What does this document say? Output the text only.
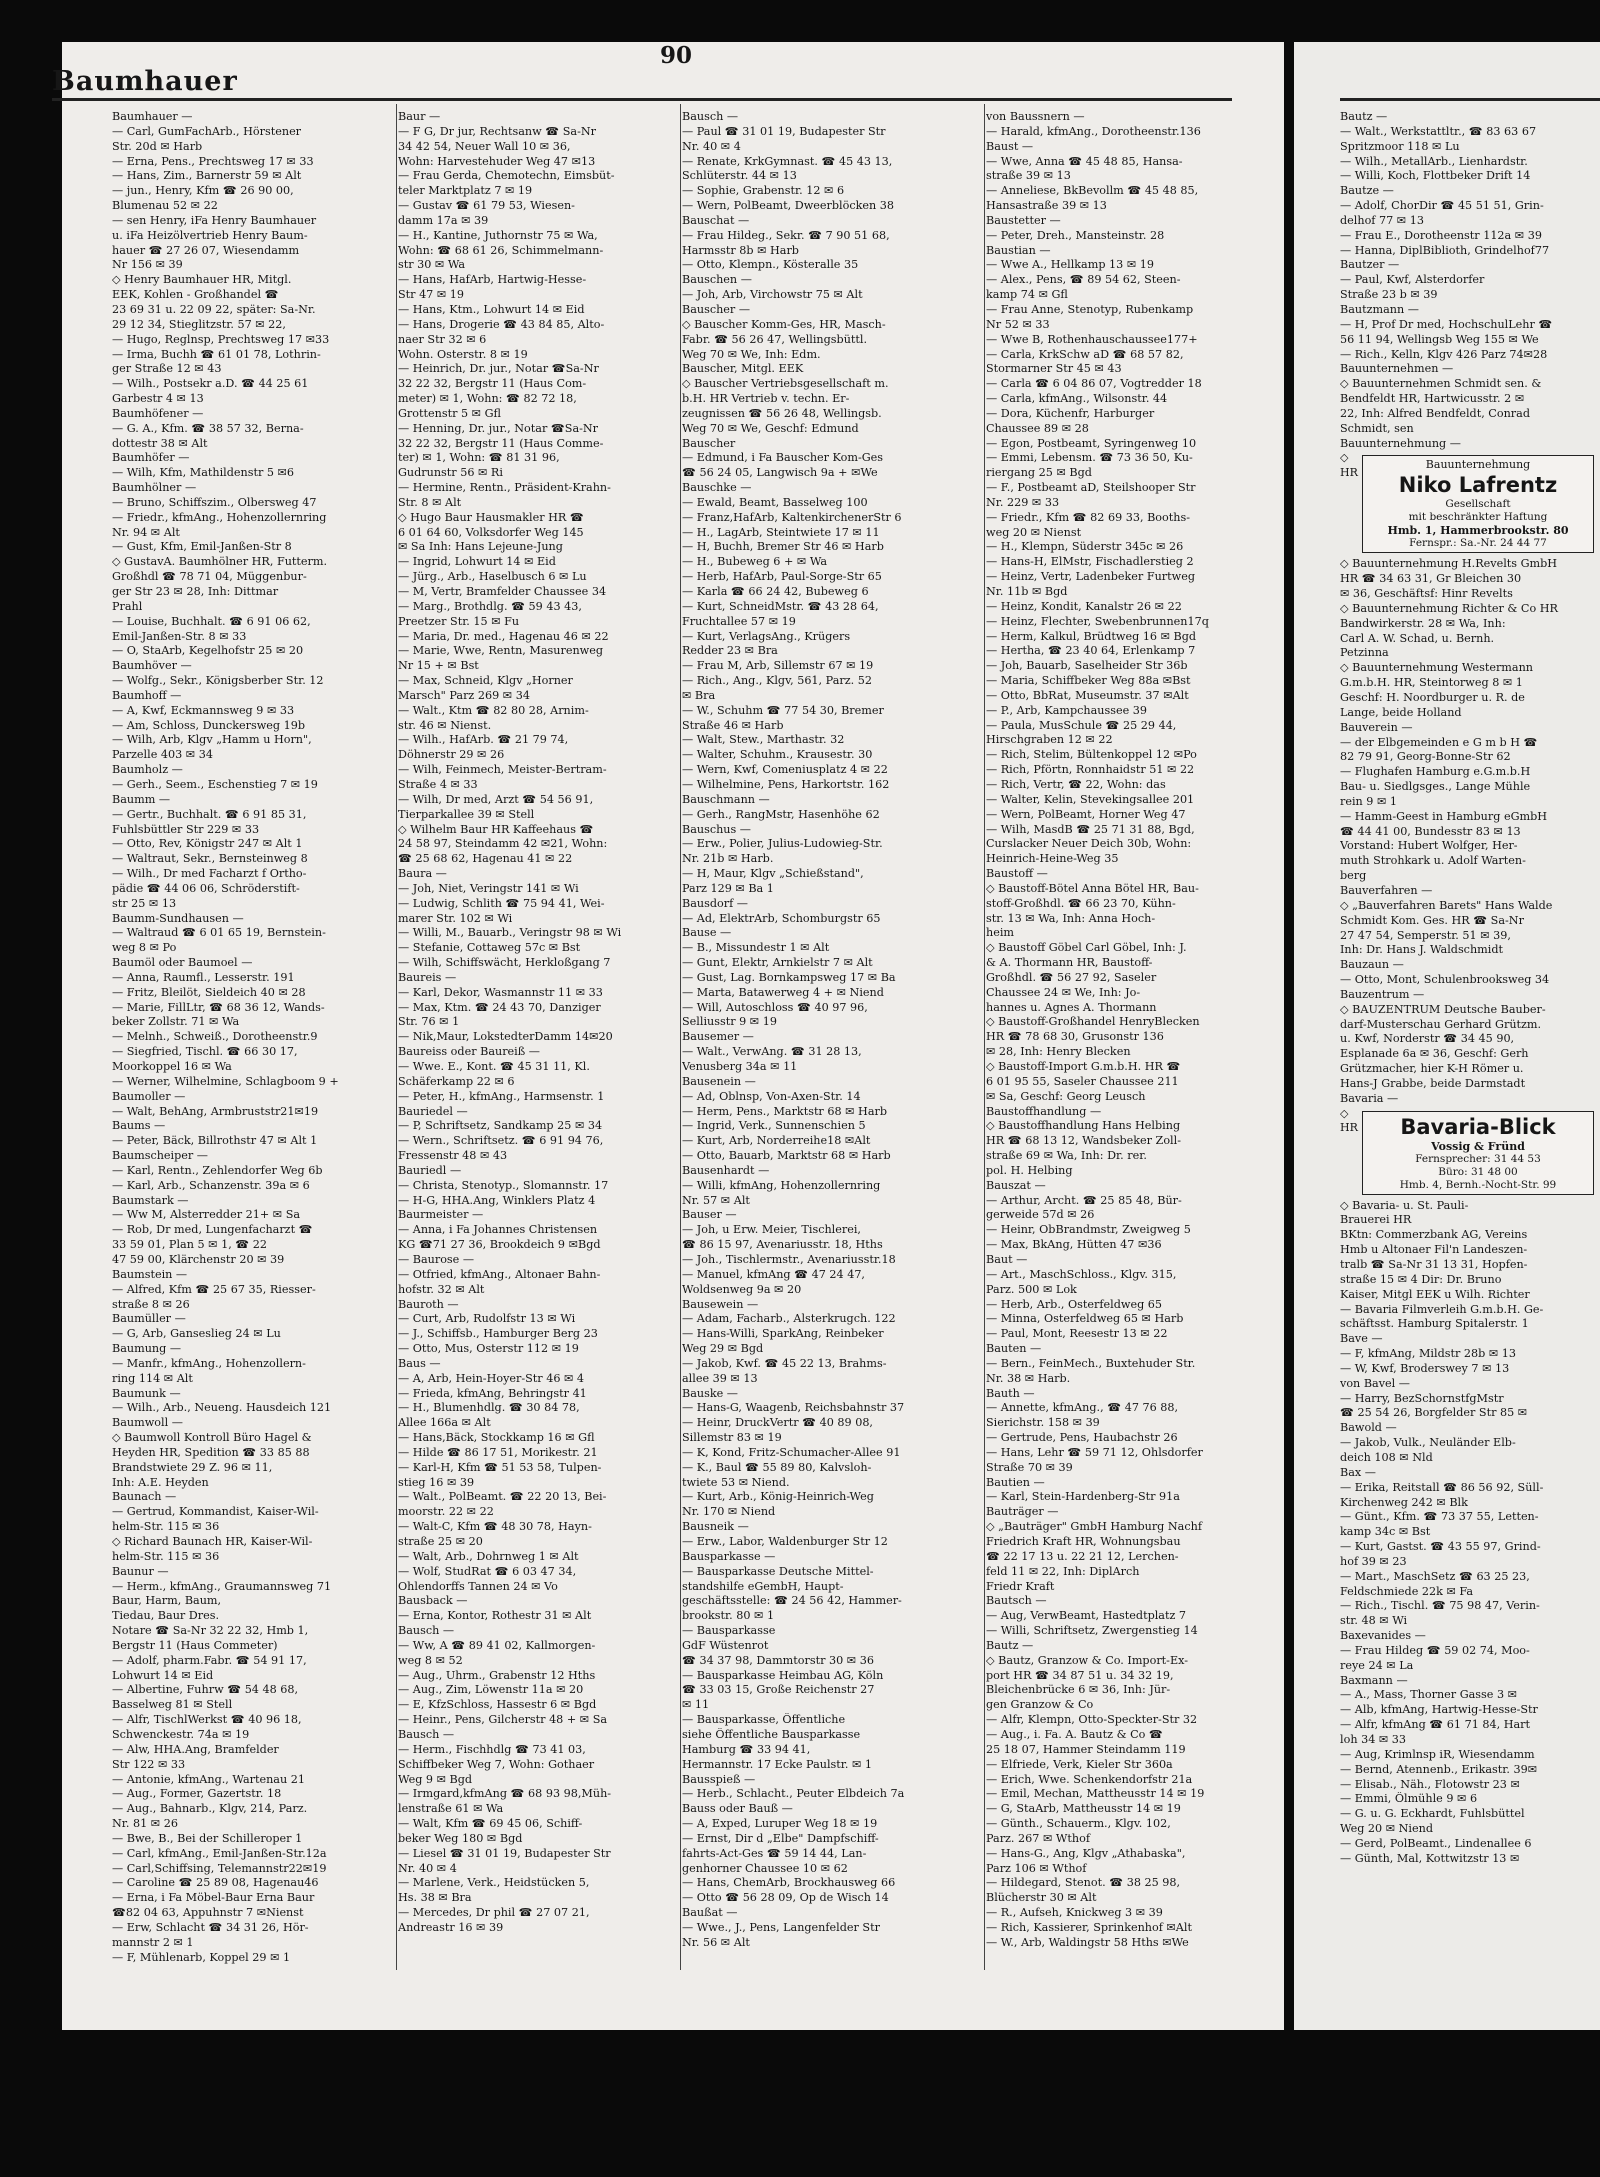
Baumhauer
90
Baumhauer —
— Carl, GumFachArb., Hörstener
Str. 20d ✉ Harb
— Erna, Pens., Prechtsweg 17 ✉ 33
— Hans, Zim., Barnerstr 59 ✉ Alt
— jun., Henry, Kfm ☎ 26 90 00,
Blumenau 52 ✉ 22
— sen Henry, iFa Henry Baumhauer
u. iFa Heizölvertrieb Henry Baum-
hauer ☎ 27 26 07, Wiesendamm
Nr 156 ✉ 39
◇ Henry Baumhauer HR, Mitgl.
EEK, Kohlen - Großhandel ☎
23 69 31 u. 22 09 22, später: Sa-Nr.
29 12 34, Stieglitzstr. 57 ✉ 22,
— Hugo, Reglnsp, Prechtsweg 17 ✉33
— Irma, Buchh ☎ 61 01 78, Lothrin-
ger Straße 12 ✉ 43
— Wilh., Postsekr a.D. ☎ 44 25 61
Garbestr 4 ✉ 13
Baumhöfener —
— G. A., Kfm. ☎ 38 57 32, Berna-
dottestr 38 ✉ Alt
Baumhöfer —
— Wilh, Kfm, Mathildenstr 5 ✉6
Baumhölner —
— Bruno, Schiffszim., Olbersweg 47
— Friedr., kfmAng., Hohenzollernring
Nr. 94 ✉ Alt
— Gust, Kfm, Emil-Janßen-Str 8
◇ GustavA. Baumhölner HR, Futterm.
Großhdl ☎ 78 71 04, Müggenbur-
ger Str 23 ✉ 28, Inh: Dittmar
Prahl
— Louise, Buchhalt. ☎ 6 91 06 62,
Emil-Janßen-Str. 8 ✉ 33
— O, StaArb, Kegelhofstr 25 ✉ 20
Baumhöver —
— Wolfg., Sekr., Königsberber Str. 12
Baumhoff —
— A, Kwf, Eckmannsweg 9 ✉ 33
— Am, Schloss, Dunckersweg 19b
— Wilh, Arb, Klgv „Hamm u Horn",
Parzelle 403 ✉ 34
Baumholz —
— Gerh., Seem., Eschenstieg 7 ✉ 19
Baumm —
— Gertr., Buchhalt. ☎ 6 91 85 31,
Fuhlsbüttler Str 229 ✉ 33
— Otto, Rev, Königstr 247 ✉ Alt 1
— Waltraut, Sekr., Bernsteinweg 8
— Wilh., Dr med Facharzt f Ortho-
pädie ☎ 44 06 06, Schröderstift-
str 25 ✉ 13
Baumm-Sundhausen —
— Waltraud ☎ 6 01 65 19, Bernstein-
weg 8 ✉ Po
Baumöl oder Baumoel —
— Anna, Raumfl., Lesserstr. 191
— Fritz, Bleilöt, Sieldeich 40 ✉ 28
— Marie, FillLtr, ☎ 68 36 12, Wands-
beker Zollstr. 71 ✉ Wa
— Melnh., Schweiß., Dorotheenstr.9
— Siegfried, Tischl. ☎ 66 30 17,
Moorkoppel 16 ✉ Wa
— Werner, Wilhelmine, Schlagboom 9 +
Baumoller —
— Walt, BehAng, Armbruststr21✉19
Baums —
— Peter, Bäck, Billrothstr 47 ✉ Alt 1
Baumscheiper —
— Karl, Rentn., Zehlendorfer Weg 6b
— Karl, Arb., Schanzenstr. 39a ✉ 6
Baumstark —
— Ww M, Alsterredder 21+ ✉ Sa
— Rob, Dr med, Lungenfacharzt ☎
33 59 01, Plan 5 ✉ 1, ☎ 22
47 59 00, Klärchenstr 20 ✉ 39
Baumstein —
— Alfred, Kfm ☎ 25 67 35, Riesser-
straße 8 ✉ 26
Baumüller —
— G, Arb, Ganseslieg 24 ✉ Lu
Baumung —
— Manfr., kfmAng., Hohenzollern-
ring 114 ✉ Alt
Baumunk —
— Wilh., Arb., Neueng. Hausdeich 121
Baumwoll —
◇ Baumwoll Kontroll Büro Hagel &
Heyden HR, Spedition ☎ 33 85 88
Brandstwiete 29 Z. 96 ✉ 11,
Inh: A.E. Heyden
Baunach —
— Gertrud, Kommandist, Kaiser-Wil-
helm-Str. 115 ✉ 36
◇ Richard Baunach HR, Kaiser-Wil-
helm-Str. 115 ✉ 36
Baunur —
— Herm., kfmAng., Graumannsweg 71
Baur, Harm, Baum,
Tiedau, Baur Dres.
Notare ☎ Sa-Nr 32 22 32, Hmb 1,
Bergstr 11 (Haus Commeter)
— Adolf, pharm.Fabr. ☎ 54 91 17,
Lohwurt 14 ✉ Eid
— Albertine, Fuhrw ☎ 54 48 68,
Basselweg 81 ✉ Stell
— Alfr, TischlWerkst ☎ 40 96 18,
Schwenckestr. 74a ✉ 19
— Alw, HHA.Ang, Bramfelder
Str 122 ✉ 33
— Antonie, kfmAng., Wartenau 21
— Aug., Former, Gazertstr. 18
— Aug., Bahnarb., Klgv, 214, Parz.
Nr. 81 ✉ 26
— Bwe, B., Bei der Schilleroper 1
— Carl, kfmAng., Emil-Janßen-Str.12a
— Carl,Schiffsing, Telemannstr22✉19
— Caroline ☎ 25 89 08, Hagenau46
— Erna, i Fa Möbel-Baur Erna Baur
☎82 04 63, Appuhnstr 7 ✉Nienst
— Erw, Schlacht ☎ 34 31 26, Hör-
mannstr 2 ✉ 1
— F, Mühlenarb, Koppel 29 ✉ 1
Baur —
— F G, Dr jur, Rechtsanw ☎ Sa-Nr
34 42 54, Neuer Wall 10 ✉ 36,
Wohn: Harvestehuder Weg 47 ✉13
— Frau Gerda, Chemotechn, Eimsbüt-
teler Marktplatz 7 ✉ 19
— Gustav ☎ 61 79 53, Wiesen-
damm 17a ✉ 39
— H., Kantine, Juthornstr 75 ✉ Wa,
Wohn: ☎ 68 61 26, Schimmelmann-
str 30 ✉ Wa
— Hans, HafArb, Hartwig-Hesse-
Str 47 ✉ 19
— Hans, Ktm., Lohwurt 14 ✉ Eid
— Hans, Drogerie ☎ 43 84 85, Alto-
naer Str 32 ✉ 6
Wohn. Osterstr. 8 ✉ 19
— Heinrich, Dr. jur., Notar ☎Sa-Nr
32 22 32, Bergstr 11 (Haus Com-
meter) ✉ 1, Wohn: ☎ 82 72 18,
Grottenstr 5 ✉ Gfl
— Henning, Dr. jur., Notar ☎Sa-Nr
32 22 32, Bergstr 11 (Haus Comme-
ter) ✉ 1, Wohn: ☎ 81 31 96,
Gudrunstr 56 ✉ Ri
— Hermine, Rentn., Präsident-Krahn-
Str. 8 ✉ Alt
◇ Hugo Baur Hausmakler HR ☎
6 01 64 60, Volksdorfer Weg 145
✉ Sa Inh: Hans Lejeune-Jung
— Ingrid, Lohwurt 14 ✉ Eid
— Jürg., Arb., Haselbusch 6 ✉ Lu
— M, Vertr, Bramfelder Chaussee 34
— Marg., Brothdlg. ☎ 59 43 43,
Preetzer Str. 15 ✉ Fu
— Maria, Dr. med., Hagenau 46 ✉ 22
— Marie, Wwe, Rentn, Masurenweg
Nr 15 + ✉ Bst
— Max, Schneid, Klgv „Horner
Marsch" Parz 269 ✉ 34
— Walt., Ktm ☎ 82 80 28, Arnim-
str. 46 ✉ Nienst.
— Wilh., HafArb. ☎ 21 79 74,
Döhnerstr 29 ✉ 26
— Wilh, Feinmech, Meister-Bertram-
Straße 4 ✉ 33
— Wilh, Dr med, Arzt ☎ 54 56 91,
Tierparkallee 39 ✉ Stell
◇ Wilhelm Baur HR Kaffeehaus ☎
24 58 97, Steindamm 42 ✉21, Wohn:
☎ 25 68 62, Hagenau 41 ✉ 22
Baura —
— Joh, Niet, Veringstr 141 ✉ Wi
— Ludwig, Schlith ☎ 75 94 41, Wei-
marer Str. 102 ✉ Wi
— Willi, M., Bauarb., Veringstr 98 ✉ Wi
— Stefanie, Cottaweg 57c ✉ Bst
— Wilh, Schiffswächt, Herkloßgang 7
Baureis —
— Karl, Dekor, Wasmannstr 11 ✉ 33
— Max, Ktm. ☎ 24 43 70, Danziger
Str. 76 ✉ 1
— Nik,Maur, LokstedterDamm 14✉20
Baureiss oder Baureiß —
— Wwe. E., Kont. ☎ 45 31 11, Kl.
Schäferkamp 22 ✉ 6
— Peter, H., kfmAng., Harmsenstr. 1
Bauriedel —
— P, Schriftsetz, Sandkamp 25 ✉ 34
— Wern., Schriftsetz. ☎ 6 91 94 76,
Fressenstr 48 ✉ 43
Bauriedl —
— Christa, Stenotyp., Slomannstr. 17
— H-G, HHA.Ang, Winklers Platz 4
Baurmeister —
— Anna, i Fa Johannes Christensen
KG ☎71 27 36, Brookdeich 9 ✉Bgd
— Baurose —
— Otfried, kfmAng., Altonaer Bahn-
hofstr. 32 ✉ Alt
Bauroth —
— Curt, Arb, Rudolfstr 13 ✉ Wi
— J., Schiffsb., Hamburger Berg 23
— Otto, Mus, Osterstr 112 ✉ 19
Baus —
— A, Arb, Hein-Hoyer-Str 46 ✉ 4
— Frieda, kfmAng, Behringstr 41
— H., Blumenhdlg. ☎ 30 84 78,
Allee 166a ✉ Alt
— Hans,Bäck, Stockkamp 16 ✉ Gfl
— Hilde ☎ 86 17 51, Morikestr. 21
— Karl-H, Kfm ☎ 51 53 58, Tulpen-
stieg 16 ✉ 39
— Walt., PolBeamt. ☎ 22 20 13, Bei-
moorstr. 22 ✉ 22
— Walt-C, Kfm ☎ 48 30 78, Hayn-
straße 25 ✉ 20
— Walt, Arb., Dohrnweg 1 ✉ Alt
— Wolf, StudRat ☎ 6 03 47 34,
Ohlendorffs Tannen 24 ✉ Vo
Bausback —
— Erna, Kontor, Rothestr 31 ✉ Alt
Bausch —
— Ww, A ☎ 89 41 02, Kallmorgen-
weg 8 ✉ 52
— Aug., Uhrm., Grabenstr 12 Hths
— Aug., Zim, Löwenstr 11a ✉ 20
— E, KfzSchloss, Hassestr 6 ✉ Bgd
— Heinr., Pens, Gilcherstr 48 + ✉ Sa
Bausch —
— Herm., Fischhdlg ☎ 73 41 03,
Schiffbeker Weg 7, Wohn: Gothaer
Weg 9 ✉ Bgd
— Irmgard,kfmAng ☎ 68 93 98,Müh-
lenstraße 61 ✉ Wa
— Walt, Kfm ☎ 69 45 06, Schiff-
beker Weg 180 ✉ Bgd
— Liesel ☎ 31 01 19, Budapester Str
Nr. 40 ✉ 4
— Marlene, Verk., Heidstücken 5,
Hs. 38 ✉ Bra
— Mercedes, Dr phil ☎ 27 07 21,
Andreastr 16 ✉ 39
Bausch —
— Paul ☎ 31 01 19, Budapester Str
Nr. 40 ✉ 4
— Renate, KrkGymnast. ☎ 45 43 13,
Schlüterstr. 44 ✉ 13
— Sophie, Grabenstr. 12 ✉ 6
— Wern, PolBeamt, Dweerblöcken 38
Bauschat —
— Frau Hildeg., Sekr. ☎ 7 90 51 68,
Harmsstr 8b ✉ Harb
— Otto, Klempn., Kösteralle 35
Bauschen —
— Joh, Arb, Virchowstr 75 ✉ Alt
Bauscher —
◇ Bauscher Komm-Ges, HR, Masch-
Fabr. ☎ 56 26 47, Wellingsbüttl.
Weg 70 ✉ We, Inh: Edm.
Bauscher, Mitgl. EEK
◇ Bauscher Vertriebsgesellschaft m.
b.H. HR Vertrieb v. techn. Er-
zeugnissen ☎ 56 26 48, Wellingsb.
Weg 70 ✉ We, Geschf: Edmund
Bauscher
— Edmund, i Fa Bauscher Kom-Ges
☎ 56 24 05, Langwisch 9a + ✉We
Bauschke —
— Ewald, Beamt, Basselweg 100
— Franz,HafArb, KaltenkirchenerStr 6
— H., LagArb, Steintwiete 17 ✉ 11
— H, Buchh, Bremer Str 46 ✉ Harb
— H., Bubeweg 6 + ✉ Wa
— Herb, HafArb, Paul-Sorge-Str 65
— Karla ☎ 66 24 42, Bubeweg 6
— Kurt, SchneidMstr. ☎ 43 28 64,
Fruchtallee 57 ✉ 19
— Kurt, VerlagsAng., Krügers
Redder 23 ✉ Bra
— Frau M, Arb, Sillemstr 67 ✉ 19
— Rich., Ang., Klgv, 561, Parz. 52
✉ Bra
— W., Schuhm ☎ 77 54 30, Bremer
Straße 46 ✉ Harb
— Walt, Stew., Marthastr. 32
— Walter, Schuhm., Krausestr. 30
— Wern, Kwf, Comeniusplatz 4 ✉ 22
— Wilhelmine, Pens, Harkortstr. 162
Bauschmann —
— Gerh., RangMstr, Hasenhöhe 62
Bauschus —
— Erw., Polier, Julius-Ludowieg-Str.
Nr. 21b ✉ Harb.
— H, Maur, Klgv „Schießstand",
Parz 129 ✉ Ba 1
Bausdorf —
— Ad, ElektrArb, Schomburgstr 65
Bause —
— B., Missundestr 1 ✉ Alt
— Gunt, Elektr, Arnkielstr 7 ✉ Alt
— Gust, Lag. Bornkampsweg 17 ✉ Ba
— Marta, Batawerweg 4 + ✉ Niend
— Will, Autoschloss ☎ 40 97 96,
Selliusstr 9 ✉ 19
Bausemer —
— Walt., VerwAng. ☎ 31 28 13,
Venusberg 34a ✉ 11
Bausenein —
— Ad, Oblnsp, Von-Axen-Str. 14
— Herm, Pens., Marktstr 68 ✉ Harb
— Ingrid, Verk., Sunnenschien 5
— Kurt, Arb, Norderreihe18 ✉Alt
— Otto, Bauarb, Marktstr 68 ✉ Harb
Bausenhardt —
— Willi, kfmAng, Hohenzollernring
Nr. 57 ✉ Alt
Bauser —
— Joh, u Erw. Meier, Tischlerei,
☎ 86 15 97, Avenariusstr. 18, Hths
— Joh., Tischlermstr., Avenariusstr.18
— Manuel, kfmAng ☎ 47 24 47,
Woldsenweg 9a ✉ 20
Bausewein —
— Adam, Facharb., Alsterkrugch. 122
— Hans-Willi, SparkAng, Reinbeker
Weg 29 ✉ Bgd
— Jakob, Kwf. ☎ 45 22 13, Brahms-
allee 39 ✉ 13
Bauske —
— Hans-G, Waagenb, Reichsbahnstr 37
— Heinr, DruckVertr ☎ 40 89 08,
Sillemstr 83 ✉ 19
— K, Kond, Fritz-Schumacher-Allee 91
— K., Baul ☎ 55 89 80, Kalvsloh-
twiete 53 ✉ Niend.
— Kurt, Arb., König-Heinrich-Weg
Nr. 170 ✉ Niend
Bausneik —
— Erw., Labor, Waldenburger Str 12
Bausparkasse —
— Bausparkasse Deutsche Mittel-
standshilfe eGembH, Haupt-
geschäftsstelle: ☎ 24 56 42, Hammer-
brookstr. 80 ✉ 1
— Bausparkasse
GdF Wüstenrot
☎ 34 37 98, Dammtorstr 30 ✉ 36
— Bausparkasse Heimbau AG, Köln
☎ 33 03 15, Große Reichenstr 27
✉ 11
— Bausparkasse, Öffentliche
siehe Öffentliche Bausparkasse
Hamburg ☎ 33 94 41,
Hermannstr. 17 Ecke Paulstr. ✉ 1
Bausspieß —
— Herb., Schlacht., Peuter Elbdeich 7a
Bauss oder Bauß —
— A, Exped, Luruper Weg 18 ✉ 19
— Ernst, Dir d „Elbe" Dampfschiff-
fahrts-Act-Ges ☎ 59 14 44, Lan-
genhorner Chaussee 10 ✉ 62
— Hans, ChemArb, Brockhausweg 66
— Otto ☎ 56 28 09, Op de Wisch 14
Baußat —
— Wwe., J., Pens, Langenfelder Str
Nr. 56 ✉ Alt
von Baussnern —
— Harald, kfmAng., Dorotheenstr.136
Baust —
— Wwe, Anna ☎ 45 48 85, Hansa-
straße 39 ✉ 13
— Anneliese, BkBevollm ☎ 45 48 85,
Hansastraße 39 ✉ 13
Baustetter —
— Peter, Dreh., Mansteinstr. 28
Baustian —
— Wwe A., Hellkamp 13 ✉ 19
— Alex., Pens, ☎ 89 54 62, Steen-
kamp 74 ✉ Gfl
— Frau Anne, Stenotyp, Rubenkamp
Nr 52 ✉ 33
— Wwe B, Rothenhauschaussee177+
— Carla, KrkSchw aD ☎ 68 57 82,
Stormarner Str 45 ✉ 43
— Carla ☎ 6 04 86 07, Vogtredder 18
— Carla, kfmAng., Wilsonstr. 44
— Dora, Küchenfr, Harburger
Chaussee 89 ✉ 28
— Egon, Postbeamt, Syringenweg 10
— Emmi, Lebensm. ☎ 73 36 50, Ku-
riergang 25 ✉ Bgd
— F., Postbeamt aD, Steilshooper Str
Nr. 229 ✉ 33
— Friedr., Kfm ☎ 82 69 33, Booths-
weg 20 ✉ Nienst
— H., Klempn, Süderstr 345c ✉ 26
— Hans-H, ElMstr, Fischadlerstieg 2
— Heinz, Vertr, Ladenbeker Furtweg
Nr. 11b ✉ Bgd
— Heinz, Kondit, Kanalstr 26 ✉ 22
— Heinz, Flechter, Swebenbrunnen17q
— Herm, Kalkul, Brüdtweg 16 ✉ Bgd
— Hertha, ☎ 23 40 64, Erlenkamp 7
— Joh, Bauarb, Saselheider Str 36b
— Maria, Schiffbeker Weg 88a ✉Bst
— Otto, BbRat, Museumstr. 37 ✉Alt
— P., Arb, Kampchaussee 39
— Paula, MusSchule ☎ 25 29 44,
Hirschgraben 12 ✉ 22
— Rich, Stelim, Bültenkoppel 12 ✉Po
— Rich, Pförtn, Ronnhaidstr 51 ✉ 22
— Rich, Vertr, ☎ 22, Wohn: das
— Walter, Kelin, Stevekingsallee 201
— Wern, PolBeamt, Horner Weg 47
— Wilh, MasdB ☎ 25 71 31 88, Bgd,
Curslacker Neuer Deich 30b, Wohn:
Heinrich-Heine-Weg 35
Baustoff —
◇ Baustoff-Bötel Anna Bötel HR, Bau-
stoff-Großhdl. ☎ 66 23 70, Kühn-
str. 13 ✉ Wa, Inh: Anna Hoch-
heim
◇ Baustoff Göbel Carl Göbel, Inh: J.
& A. Thormann HR, Baustoff-
Großhdl. ☎ 56 27 92, Saseler
Chaussee 24 ✉ We, Inh: Jo-
hannes u. Agnes A. Thormann
◇ Baustoff-Großhandel HenryBlecken
HR ☎ 78 68 30, Grusonstr 136
✉ 28, Inh: Henry Blecken
◇ Baustoff-Import G.m.b.H. HR ☎
6 01 95 55, Saseler Chaussee 211
✉ Sa, Geschf: Georg Leusch
Baustoffhandlung —
◇ Baustoffhandlung Hans Helbing
HR ☎ 68 13 12, Wandsbeker Zoll-
straße 69 ✉ Wa, Inh: Dr. rer.
pol. H. Helbing
Bauszat —
— Arthur, Archt. ☎ 25 85 48, Bür-
gerweide 57d ✉ 26
— Heinr, ObBrandmstr, Zweigweg 5
— Max, BkAng, Hütten 47 ✉36
Baut —
— Art., MaschSchloss., Klgv. 315,
Parz. 500 ✉ Lok
— Herb, Arb., Osterfeldweg 65
— Minna, Osterfeldweg 65 ✉ Harb
— Paul, Mont, Reesestr 13 ✉ 22
Bauten —
— Bern., FeinMech., Buxtehuder Str.
Nr. 38 ✉ Harb.
Bauth —
— Annette, kfmAng., ☎ 47 76 88,
Sierichstr. 158 ✉ 39
— Gertrude, Pens, Haubachstr 26
— Hans, Lehr ☎ 59 71 12, Ohlsdorfer
Straße 70 ✉ 39
Bautien —
— Karl, Stein-Hardenberg-Str 91a
Bauträger —
◇ „Bauträger" GmbH Hamburg Nachf
Friedrich Kraft HR, Wohnungsbau
☎ 22 17 13 u. 22 21 12, Lerchen-
feld 11 ✉ 22, Inh: DiplArch
Friedr Kraft
Bautsch —
— Aug, VerwBeamt, Hastedtplatz 7
— Willi, Schriftsetz, Zwergenstieg 14
Bautz —
◇ Bautz, Granzow & Co. Import-Ex-
port HR ☎ 34 87 51 u. 34 32 19,
Bleichenbrücke 6 ✉ 36, Inh: Jür-
gen Granzow & Co
— Alfr, Klempn, Otto-Speckter-Str 32
— Aug., i. Fa. A. Bautz & Co ☎
25 18 07, Hammer Steindamm 119
— Elfriede, Verk, Kieler Str 360a
— Erich, Wwe. Schenkendorfstr 21a
— Emil, Mechan, Mattheusstr 14 ✉ 19
— G, StaArb, Mattheusstr 14 ✉ 19
— Günth., Schauerm., Klgv. 102,
Parz. 267 ✉ Wthof
— Hans-G., Ang, Klgv „Athabaska",
Parz 106 ✉ Wthof
— Hildegard, Stenot. ☎ 38 25 98,
Blücherstr 30 ✉ Alt
— R., Aufseh, Knickweg 3 ✉ 39
— Rich, Kassierer, Sprinkenhof ✉Alt
— W., Arb, Waldingstr 58 Hths ✉We
Bautz —
— Walt., Werkstattltr., ☎ 83 63 67
Spritzmoor 118 ✉ Lu
— Wilh., MetallArb., Lienhardstr.
— Willi, Koch, Flottbeker Drift 14
Bautze —
— Adolf, ChorDir ☎ 45 51 51, Grin-
delhof 77 ✉ 13
— Frau E., Dorotheenstr 112a ✉ 39
— Hanna, DiplBiblioth, Grindelhof77
Bautzer —
— Paul, Kwf, Alsterdorfer
Straße 23 b ✉ 39
Bautzmann —
— H, Prof Dr med, HochschulLehr ☎
56 11 94, Wellingsb Weg 155 ✉ We
— Rich., Kelln, Klgv 426 Parz 74✉28
Bauunternehmen —
◇ Bauunternehmen Schmidt sen. &
Bendfeldt HR, Hartwicusstr. 2 ✉
22, Inh: Alfred Bendfeldt, Conrad
Schmidt, sen
Bauunternehmung —
◇ HR
Bauunternehmung
Niko Lafrentz
Gesellschaft
mit beschränkter Haftung
Hmb. 1, Hammerbrookstr. 80
Fernspr.: Sa.-Nr. 24 44 77
◇ Bauunternehmung H.Revelts GmbH
HR ☎ 34 63 31, Gr Bleichen 30
✉ 36, Geschäftsf: Hinr Revelts
◇ Bauunternehmung Richter & Co HR
Bandwirkerstr. 28 ✉ Wa, Inh:
Carl A. W. Schad, u. Bernh.
Petzinna
◇ Bauunternehmung Westermann
G.m.b.H. HR, Steintorweg 8 ✉ 1
Geschf: H. Noordburger u. R. de
Lange, beide Holland
Bauverein —
— der Elbgemeinden e G m b H ☎
82 79 91, Georg-Bonne-Str 62
— Flughafen Hamburg e.G.m.b.H
Bau- u. Siedlgsges., Lange Mühle
rein 9 ✉ 1
— Hamm-Geest in Hamburg eGmbH
☎ 44 41 00, Bundesstr 83 ✉ 13
Vorstand: Hubert Wolfger, Her-
muth Strohkark u. Adolf Warten-
berg
Bauverfahren —
◇ „Bauverfahren Barets" Hans Walde
Schmidt Kom. Ges. HR ☎ Sa-Nr
27 47 54, Semperstr. 51 ✉ 39,
Inh: Dr. Hans J. Waldschmidt
Bauzaun —
— Otto, Mont, Schulenbrooksweg 34
Bauzentrum —
◇ BAUZENTRUM Deutsche Bauber-
darf-Musterschau Gerhard Grützm.
u. Kwf, Norderstr ☎ 34 45 90,
Esplanade 6a ✉ 36, Geschf: Gerh
Grützmacher, hier K-H Römer u.
Hans-J Grabbe, beide Darmstadt
Bavaria —
◇ HR	Bavaria-Blick
Vossig & Fründ
Fernsprecher: 31 44 53
Büro: 31 48 00
Hmb. 4, Bernh.-Nocht-Str. 99
◇ Bavaria- u. St. Pauli-
Brauerei HR
BKtn: Commerzbank AG, Vereins
Hmb u Altonaer Fil'n Landeszen-
tralb ☎ Sa-Nr 31 13 31, Hopfen-
straße 15 ✉ 4 Dir: Dr. Bruno
Kaiser, Mitgl EEK u Wilh. Richter
— Bavaria Filmverleih G.m.b.H. Ge-
schäftsst. Hamburg Spitalerstr. 1
Bave —
— F, kfmAng, Mildstr 28b ✉ 13
— W, Kwf, Broderswey 7 ✉ 13
von Bavel —
— Harry, BezSchornstfgMstr
☎ 25 54 26, Borgfelder Str 85 ✉
Bawold —
— Jakob, Vulk., Neuländer Elb-
deich 108 ✉ Nld
Bax —
— Erika, Reitstall ☎ 86 56 92, Süll-
Kirchenweg 242 ✉ Blk
— Günt., Kfm. ☎ 73 37 55, Letten-
kamp 34c ✉ Bst
— Kurt, Gastst. ☎ 43 55 97, Grind-
hof 39 ✉ 23
— Mart., MaschSetz ☎ 63 25 23,
Feldschmiede 22k ✉ Fa
— Rich., Tischl. ☎ 75 98 47, Verin-
str. 48 ✉ Wi
Baxevanides —
— Frau Hildeg ☎ 59 02 74, Moo-
reye 24 ✉ La
Baxmann —
— A., Mass, Thorner Gasse 3 ✉
— Alb, kfmAng, Hartwig-Hesse-Str
— Alfr, kfmAng ☎ 61 71 84, Hart
loh 34 ✉ 33
— Aug, Krimlnsp iR, Wiesendamm
— Bernd, Atennenb., Erikastr. 39✉
— Elisab., Näh., Flotowstr 23 ✉
— Emmi, Ölmühle 9 ✉ 6
— G. u. G. Eckhardt, Fuhlsbüttel
Weg 20 ✉ Niend
— Gerd, PolBeamt., Lindenallee 6
— Günth, Mal, Kottwitzstr 13 ✉
